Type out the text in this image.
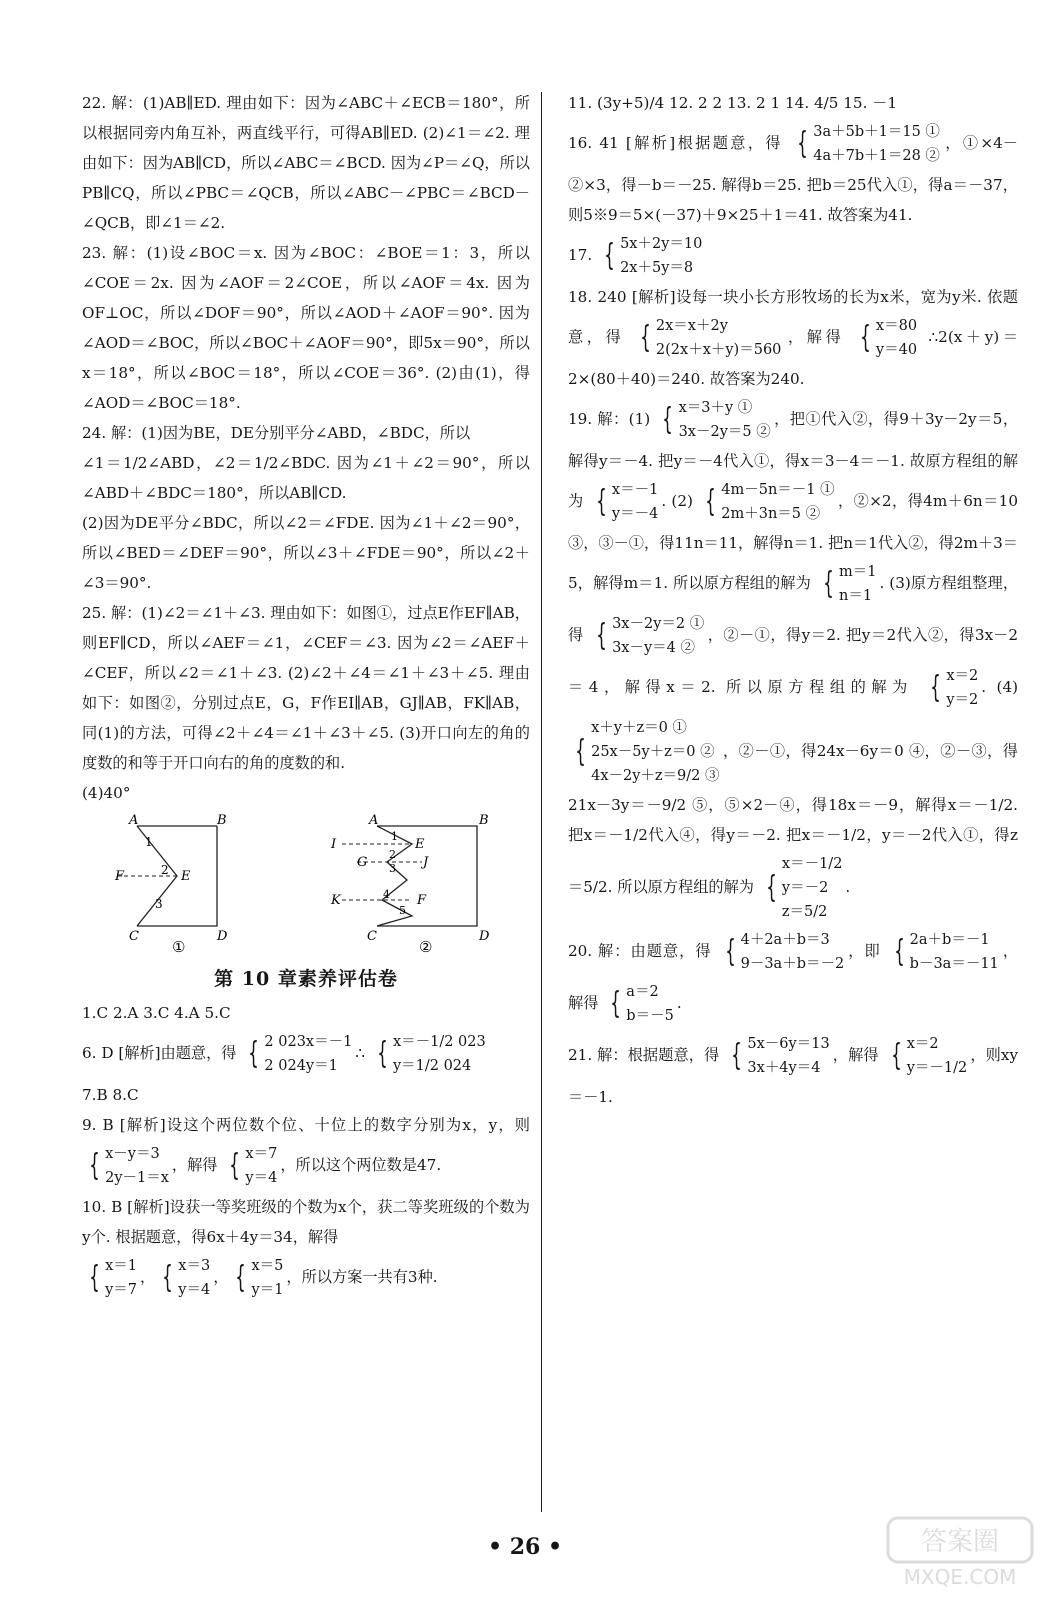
22. 解：(1)AB∥ED. 理由如下：因为∠ABC＋∠ECB＝180°，所以根据同旁内角互补，两直线平行，可得AB∥ED. (2)∠1＝∠2. 理由如下：因为AB∥CD，所以∠ABC＝∠BCD. 因为∠P＝∠Q，所以PB∥CQ，所以∠PBC＝∠QCB，所以∠ABC－∠PBC＝∠BCD－∠QCB，即∠1＝∠2.

23. 解：(1)设∠BOC＝x. 因为∠BOC：∠BOE＝1：3，所以∠COE＝2x. 因为∠AOF＝2∠COE，所以∠AOF＝4x. 因为OF⊥OC，所以∠DOF＝90°，所以∠AOD＋∠AOF＝90°. 因为∠AOD＝∠BOC，所以∠BOC＋∠AOF＝90°，即5x＝90°，所以x＝18°，所以∠BOC＝18°，所以∠COE＝36°. (2)由(1)，得∠AOD＝∠BOC＝18°.

24. 解：(1)因为BE，DE分别平分∠ABD，∠BDC，所以

∠1＝1/2∠ABD，∠2＝1/2∠BDC. 因为∠1＋∠2＝90°，所以∠ABD＋∠BDC＝180°，所以AB∥CD.

(2)因为DE平分∠BDC，所以∠2＝∠FDE. 因为∠1＋∠2＝90°，所以∠BED＝∠DEF＝90°，所以∠3＋∠FDE＝90°，所以∠2＋∠3＝90°.

25. 解：(1)∠2＝∠1＋∠3. 理由如下：如图①，过点E作EF∥AB，则EF∥CD，所以∠AEF＝∠1，∠CEF＝∠3. 因为∠2＝∠AEF＋∠CEF，所以∠2＝∠1＋∠3. (2)∠2＋∠4＝∠1＋∠3＋∠5. 理由如下：如图②，分别过点E，G，F作EI∥AB，GJ∥AB，FK∥AB，同(1)的方法，可得∠2＋∠4＝∠1＋∠3＋∠5. (3)开口向左的角的度数的和等于开口向右的角的度数的和.

(4)40°

A	B
1
F	2 E
3
C	D
①
A	B
I
1
E
G
2
3 J
K	4 F
5
C	D
②
第 10 章素养评估卷

1.C 2.A 3.C 4.A 5.C

6. D [解析]由题意，得 { 2 023x＝－1
2 024y＝1
∴ { x＝－1/2 023
y＝1/2 024

7.B 8.C

9. B [解析]设这个两位数个位、十位上的数字分别为x，y，则
{ x－y＝3
2y－1＝x
，解得 { x＝7
y＝4
，所以这个两位数是47.

10. B [解析]设获一等奖班级的个数为x个，获二等奖班级的个数为y个. 根据题意，得6x＋4y＝34，解得

{ x＝1
y＝7
， { x＝3
y＝4
， { x＝5
y＝1
，所以方案一共有3种.

11. (3y+5)/4 12. 2 2 13. 2 1 14. 4/5 15. －1

16. 41 [解析]根据题意，得 { 3a＋5b＋1＝15 ①
4a＋7b＋1＝28 ②
，①×4－②×3，得－b＝－25. 解得b＝25. 把b＝25代入①，得a＝－37，则5※9＝5×(－37)＋9×25＋1＝41. 故答案为41.

17. { 5x＋2y＝10
2x＋5y＝8

18. 240 [解析]设每一块小长方形牧场的长为x米，宽为y米. 依题意，得 { 2x＝x＋2y
2(2x＋x＋y)＝560
，解得 { x＝80
y＝40
∴2(x＋y)＝2×(80＋40)＝240. 故答案为240.

19. 解：(1) { x＝3＋y ①
3x－2y＝5 ②
，把①代入②，得9＋3y－2y＝5，解得y＝－4. 把y＝－4代入①，得x＝3－4＝－1. 故原方程组的解为 { x＝－1
y＝－4
. (2) { 4m－5n＝－1 ①
2m＋3n＝5 ②
，②×2，得4m＋6n＝10 ③，③－①，得11n＝11，解得n＝1. 把n＝1代入②，得2m＋3＝5，解得m＝1. 所以原方程组的解为 { m＝1
n＝1
. (3)原方程组整理，得 { 3x－2y＝2 ①
3x－y＝4 ②
，②－①，得y＝2. 把y＝2代入②，得3x－2＝4，解得x＝2. 所以原方程组的解为 { x＝2
y＝2
. (4)
{
x＋y＋z＝0 ①
25x－5y＋z＝0 ②
4x－2y＋z＝9/2 ③
，②－①，得24x－6y＝0 ④，②－③，得21x－3y＝－9/2 ⑤，⑤×2－④，得18x＝－9，解得x＝－1/2. 把x＝－1/2代入④，得y＝－2. 把x＝－1/2，y＝－2代入①，得z＝5/2. 所以原方程组的解为 {
x＝－1/2
y＝－2
z＝5/2
.

20. 解：由题意，得 { 4＋2a＋b＝3
9－3a＋b＝－2
，即 { 2a＋b＝－1
b－3a＝－11
，解得 { a＝2
b＝－5
.

21. 解：根据题意，得 { 5x－6y＝13
3x＋4y＝4
，解得 { x＝2
y＝－1/2
，则xy＝－1.

• 26 •	答案圈
MXQE.COM
